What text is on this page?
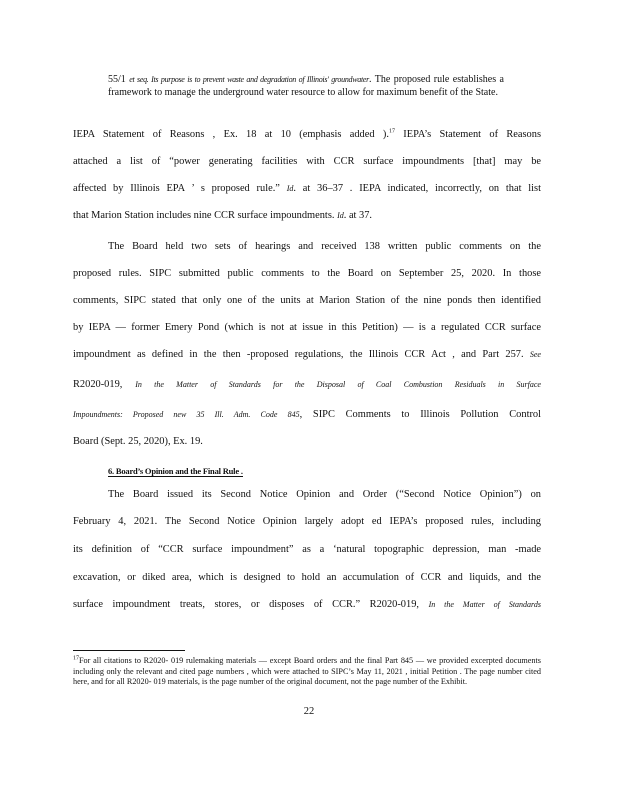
55/1 et seq. Its purpose is to prevent waste and degradation of Illinois' groundwater. The proposed rule establishes a framework to manage the underground water resource to allow for maximum benefit of the State.
IEPA Statement of Reasons , Ex. 18 at 10 (emphasis added ).$^{17}$ IEPA’s Statement of Reasons
attached a list of “power generating facilities with CCR surface impoundments [that] may be
affected by Illinois EPA ’ s proposed rule.” Id. at 36–37 . IEPA indicated, incorrectly, on that list
that Marion Station includes nine CCR surface impoundments. Id. at 37.
The Board held two sets of hearings and received 138 written public comments on the
proposed rules. SIPC submitted public comments to the Board on September 25, 2020. In those
comments, SIPC stated that only one of the units at Marion Station of the nine ponds then identified
by IEPA — former Emery Pond (which is not at issue in this Petition) — is a regulated CCR surface
impoundment as defined in the then -proposed regulations, the Illinois CCR Act , and Part 257. See
R2020-019, In the Matter of Standards for the Disposal of Coal Combustion Residuals in Surface
Impoundments: Proposed new 35 Ill. Adm. Code 845, SIPC Comments to Illinois Pollution Control
Board (Sept. 25, 2020), Ex. 19.
6. Board’s Opinion and the Final Rule .
The Board issued its Second Notice Opinion and Order (“Second Notice Opinion”) on
February 4, 2021. The Second Notice Opinion largely adopt ed IEPA’s proposed rules, including
its definition of “CCR surface impoundment” as a ‘natural topographic depression, man -made
excavation, or diked area, which is designed to hold an accumulation of CCR and liquids, and the
surface impoundment treats, stores, or disposes of CCR.” R2020-019, In the Matter of Standards
$^{17}$For all citations to R2020- 019 rulemaking materials — except Board orders and the final Part 845 — we provided excerpted documents including only the relevant and cited page numbers , which were attached to SIPC’s May 11, 2021 , initial Petition . The page number cited here, and for all R2020- 019 materials, is the page number of the original document, not the page number of the Exhibit.
22
